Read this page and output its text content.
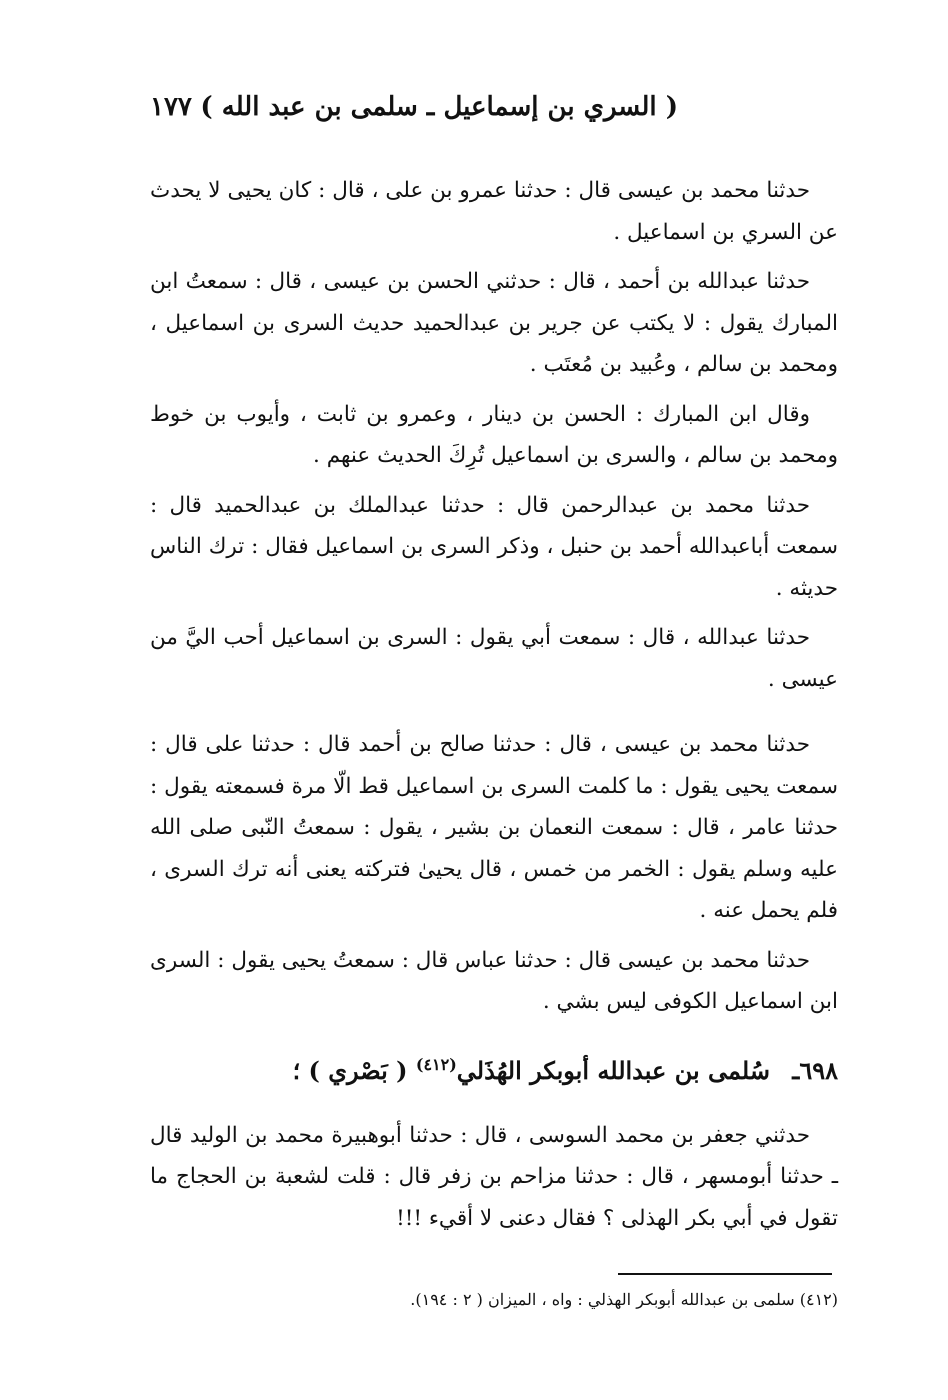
( السري بن إسماعيل ـ سلمى بن عبد الله )
١٧٧

حدثنا محمد بن عيسى قال : حدثنا عمرو بن على ، قال : كان يحيى لا يحدث عن السري بن اسماعيل .

حدثنا عبدالله بن أحمد ، قال : حدثني الحسن بن عيسى ، قال : سمعتُ ابن المبارك يقول : لا يكتب عن جرير بن عبدالحميد حديث السرى بن اسماعيل ، ومحمد بن سالم ، وعُبيد بن مُعتَب .

وقال ابن المبارك : الحسن بن دينار ، وعمرو بن ثابت ، وأيوب بن خوط ومحمد بن سالم ، والسرى بن اسماعيل تُرِكَ الحديث عنهم .

حدثنا محمد بن عبدالرحمن قال : حدثنا عبدالملك بن عبدالحميد قال : سمعت أباعبدالله أحمد بن حنبل ، وذكر السرى بن اسماعيل فقال : ترك الناس حديثه .

حدثنا عبدالله ، قال : سمعت أبي يقول : السرى بن اسماعيل أحب اليَّ من عيسى .

حدثنا محمد بن عيسى ، قال : حدثنا صالح بن أحمد قال : حدثنا على قال : سمعت يحيى يقول : ما كلمت السرى بن اسماعيل قط الّا مرة فسمعته يقول : حدثنا عامر ، قال : سمعت النعمان بن بشير ، يقول : سمعتُ النّبى صلى الله عليه وسلم يقول : الخمر من خمس ، قال يحيىٰ فتركته يعنى أنه ترك السرى ، فلم يحمل عنه .

حدثنا محمد بن عيسى قال : حدثنا عباس قال : سمعتُ يحيى يقول : السرى ابن اسماعيل الكوفى ليس بشي .

٦٩٨ـ سُلمى بن عبدالله أبوبكر الهُذَلي$^{(٤١٢)}$ ( بَصْري ) ؛

حدثني جعفر بن محمد السوسى ، قال : حدثنا أبوهبيرة محمد بن الوليد قال ـ حدثنا أبومسهر ، قال : حدثنا مزاحم بن زفر قال : قلت لشعبة بن الحجاج ما تقول في أبي بكر الهذلى ؟ فقال دعنى لا أقيء !!!

(٤١٢) سلمى بن عبدالله أبوبكر الهذلي : واه ، الميزان ( ٢ : ١٩٤).
